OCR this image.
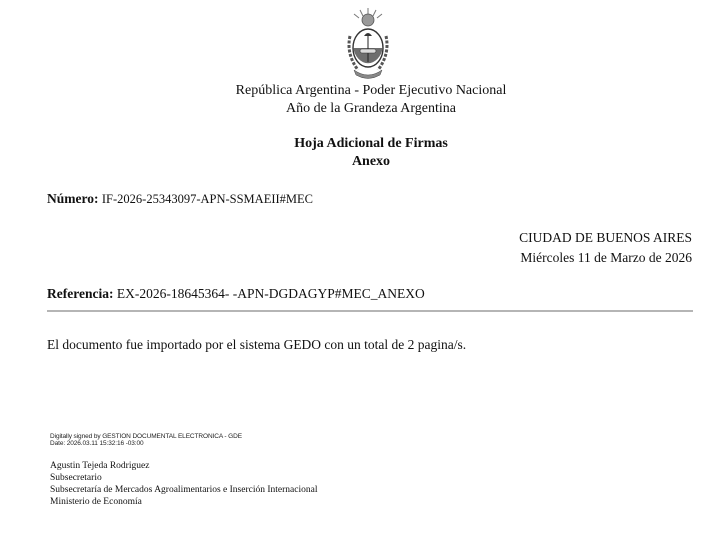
República Argentina - Poder Ejecutivo Nacional
Año de la Grandeza Argentina
Hoja Adicional de Firmas
Anexo
Número: IF-2026-25343097-APN-SSMAEII#MEC
CIUDAD DE BUENOS AIRES
Miércoles 11 de Marzo de 2026
Referencia: EX-2026-18645364- -APN-DGDAGYP#MEC_ANEXO
El documento fue importado por el sistema GEDO con un total de 2 pagina/s.
Digitally signed by GESTION DOCUMENTAL ELECTRONICA - GDE
Date: 2026.03.11 15:32:16 -03:00
Agustin Tejeda Rodriguez
Subsecretario
Subsecretaría de Mercados Agroalimentarios e Inserción Internacional
Ministerio de Economía
